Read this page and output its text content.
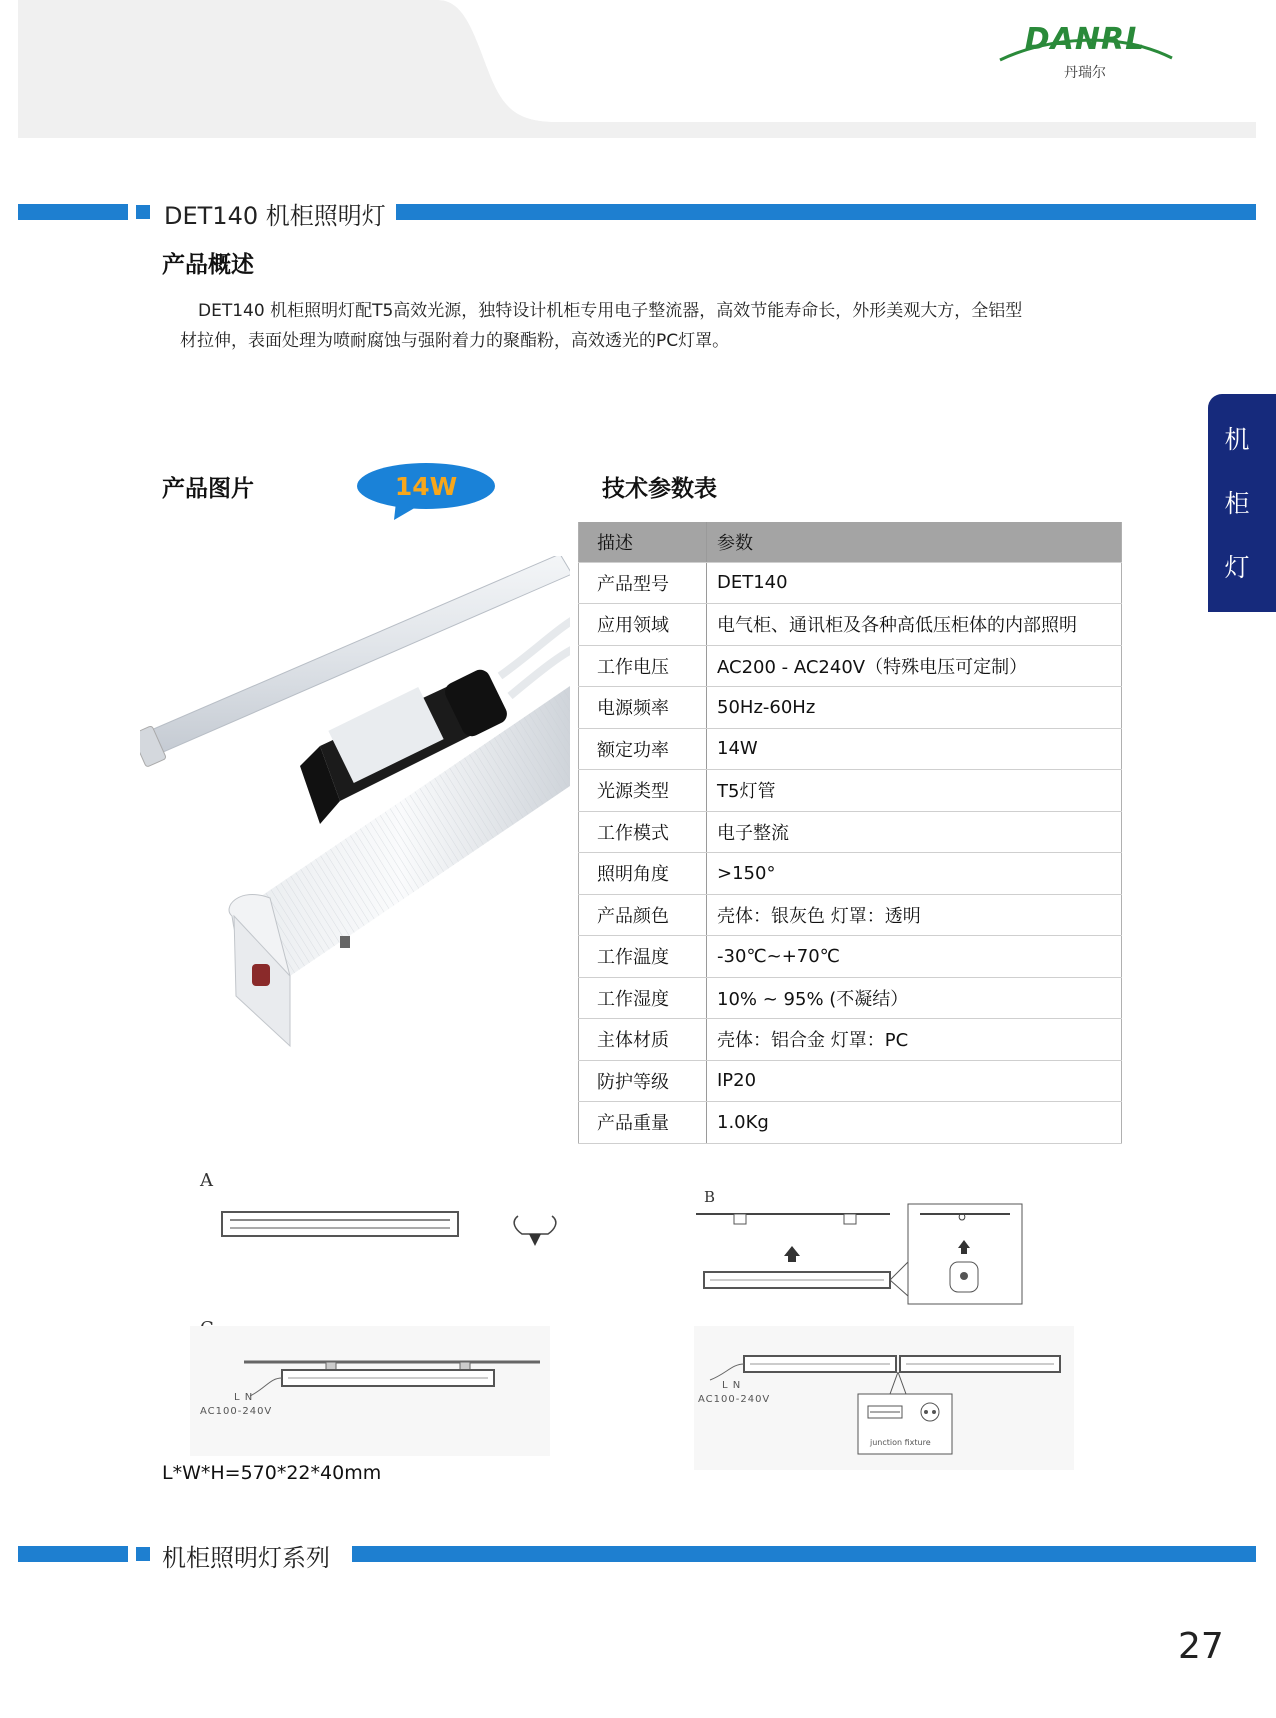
DANRL
丹瑞尔
DET140 机柜照明灯
产品概述
DET140 机柜照明灯配T5高效光源，独特设计机柜专用电子整流器，高效节能寿命长，外形美观大方，全铝型
材拉伸，表面处理为喷耐腐蚀与强附着力的聚酯粉，高效透光的PC灯罩。
机
柜
灯
产品图片	14W	技术参数表
描述	参数
产品型号	DET140
应用领域	电气柜、通讯柜及各种高低压柜体的内部照明
工作电压	AC200 - AC240V（特殊电压可定制）
电源频率	50Hz-60Hz
额定功率	14W
光源类型	T5灯管
工作模式	电子整流
照明角度	>150°
产品颜色	壳体：银灰色 灯罩：透明
工作温度	-30℃~+70℃
工作湿度	10% ~ 95% (不凝结）
主体材质	壳体：铝合金 灯罩：PC
防护等级	IP20
产品重量	1.0Kg
A
B
L N
AC100-240V
L N
AC100-240V
junction fixture
L*W*H=570*22*40mm
机柜照明灯系列
27
